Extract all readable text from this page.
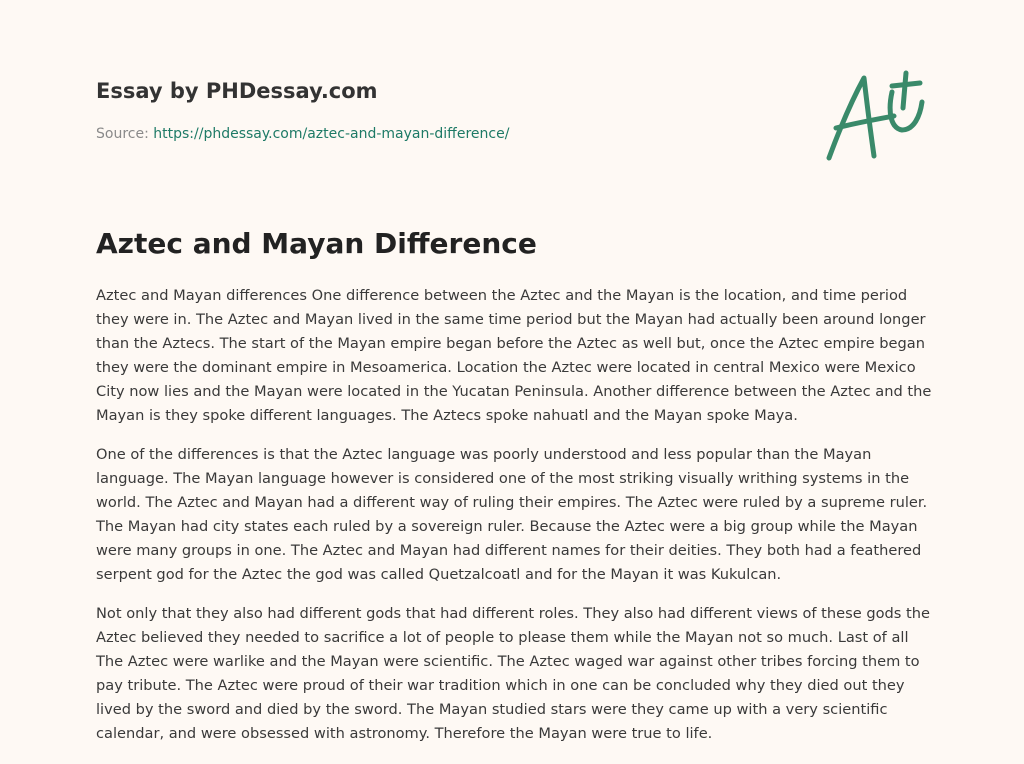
Essay by PHDessay.com
Source: https://phdessay.com/aztec-and-mayan-difference/
Aztec and Mayan Difference

Aztec and Mayan differences One difference between the Aztec and the Mayan is the location, and time period they were in. The Aztec and Mayan lived in the same time period but the Mayan had actually been around longer than the Aztecs. The start of the Mayan empire began before the Aztec as well but, once the Aztec empire began they were the dominant empire in Mesoamerica. Location the Aztec were located in central Mexico were Mexico City now lies and the Mayan were located in the Yucatan Peninsula. Another difference between the Aztec and the Mayan is they spoke different languages. The Aztecs spoke nahuatl and the Mayan spoke Maya.

One of the differences is that the Aztec language was poorly understood and less popular than the Mayan language. The Mayan language however is considered one of the most striking visually writhing systems in the world. The Aztec and Mayan had a different way of ruling their empires. The Aztec were ruled by a supreme ruler. The Mayan had city states each ruled by a sovereign ruler. Because the Aztec were a big group while the Mayan were many groups in one. The Aztec and Mayan had different names for their deities. They both had a feathered serpent god for the Aztec the god was called Quetzalcoatl and for the Mayan it was Kukulcan.

Not only that they also had different gods that had different roles. They also had different views of these gods the Aztec believed they needed to sacrifice a lot of people to please them while the Mayan not so much. Last of all The Aztec were warlike and the Mayan were scientific. The Aztec waged war against other tribes forcing them to pay tribute. The Aztec were proud of their war tradition which in one can be concluded why they died out they lived by the sword and died by the sword. The Mayan studied stars were they came up with a very scientific calendar, and were obsessed with astronomy. Therefore the Mayan were true to life.
